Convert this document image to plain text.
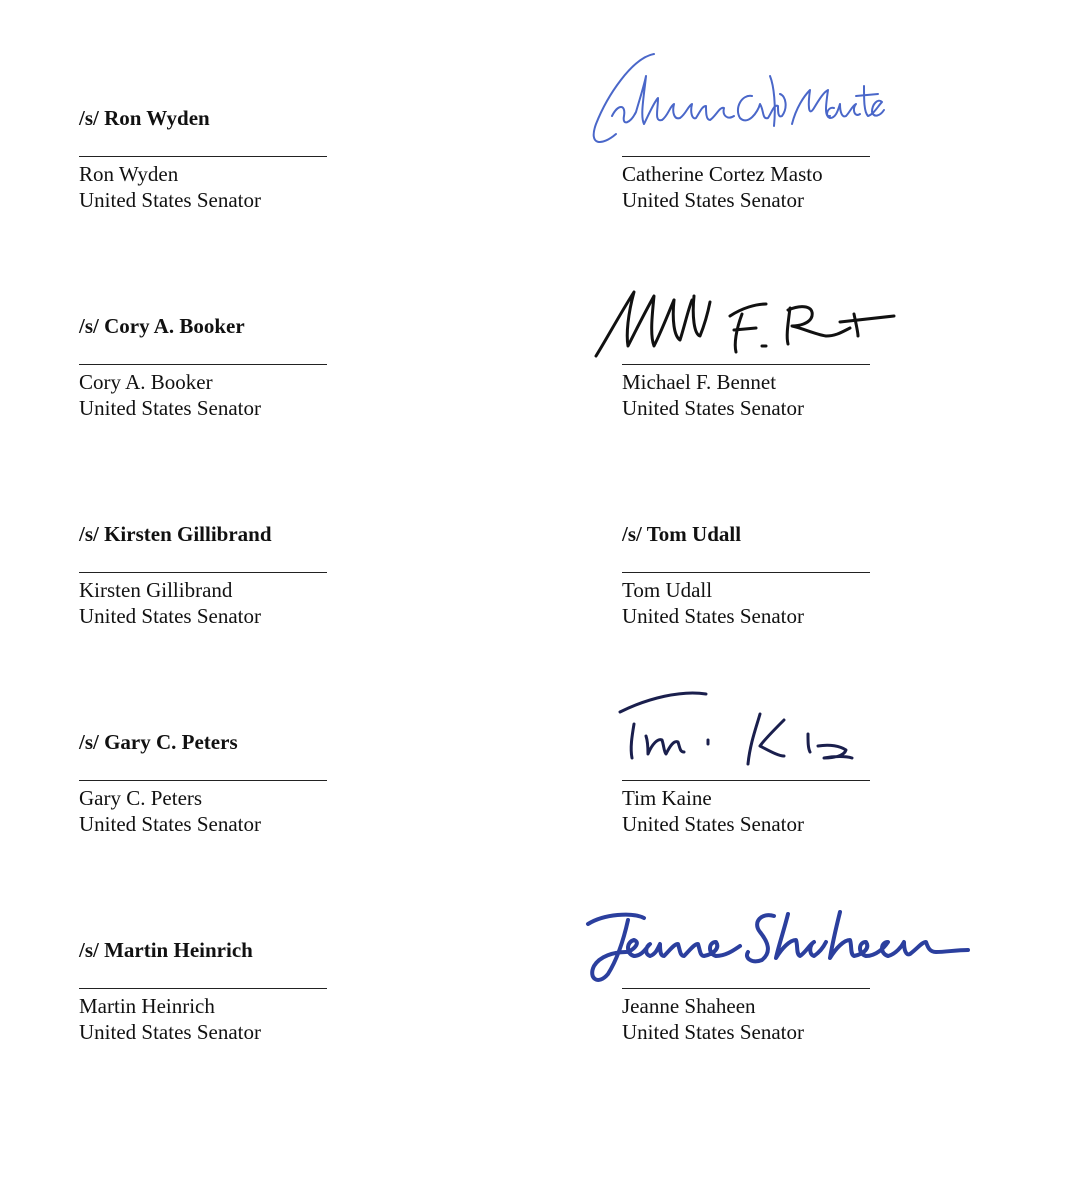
/s/ Ron Wyden
Ron Wyden
United States Senator
Catherine Cortez Masto
United States Senator
/s/ Cory A. Booker
Cory A. Booker
United States Senator
Michael F. Bennet
United States Senator
/s/ Kirsten Gillibrand
Kirsten Gillibrand
United States Senator
/s/ Tom Udall
Tom Udall
United States Senator
/s/ Gary C. Peters
Gary C. Peters
United States Senator
Tim Kaine
United States Senator
/s/ Martin Heinrich
Martin Heinrich
United States Senator
Jeanne Shaheen
United States Senator
